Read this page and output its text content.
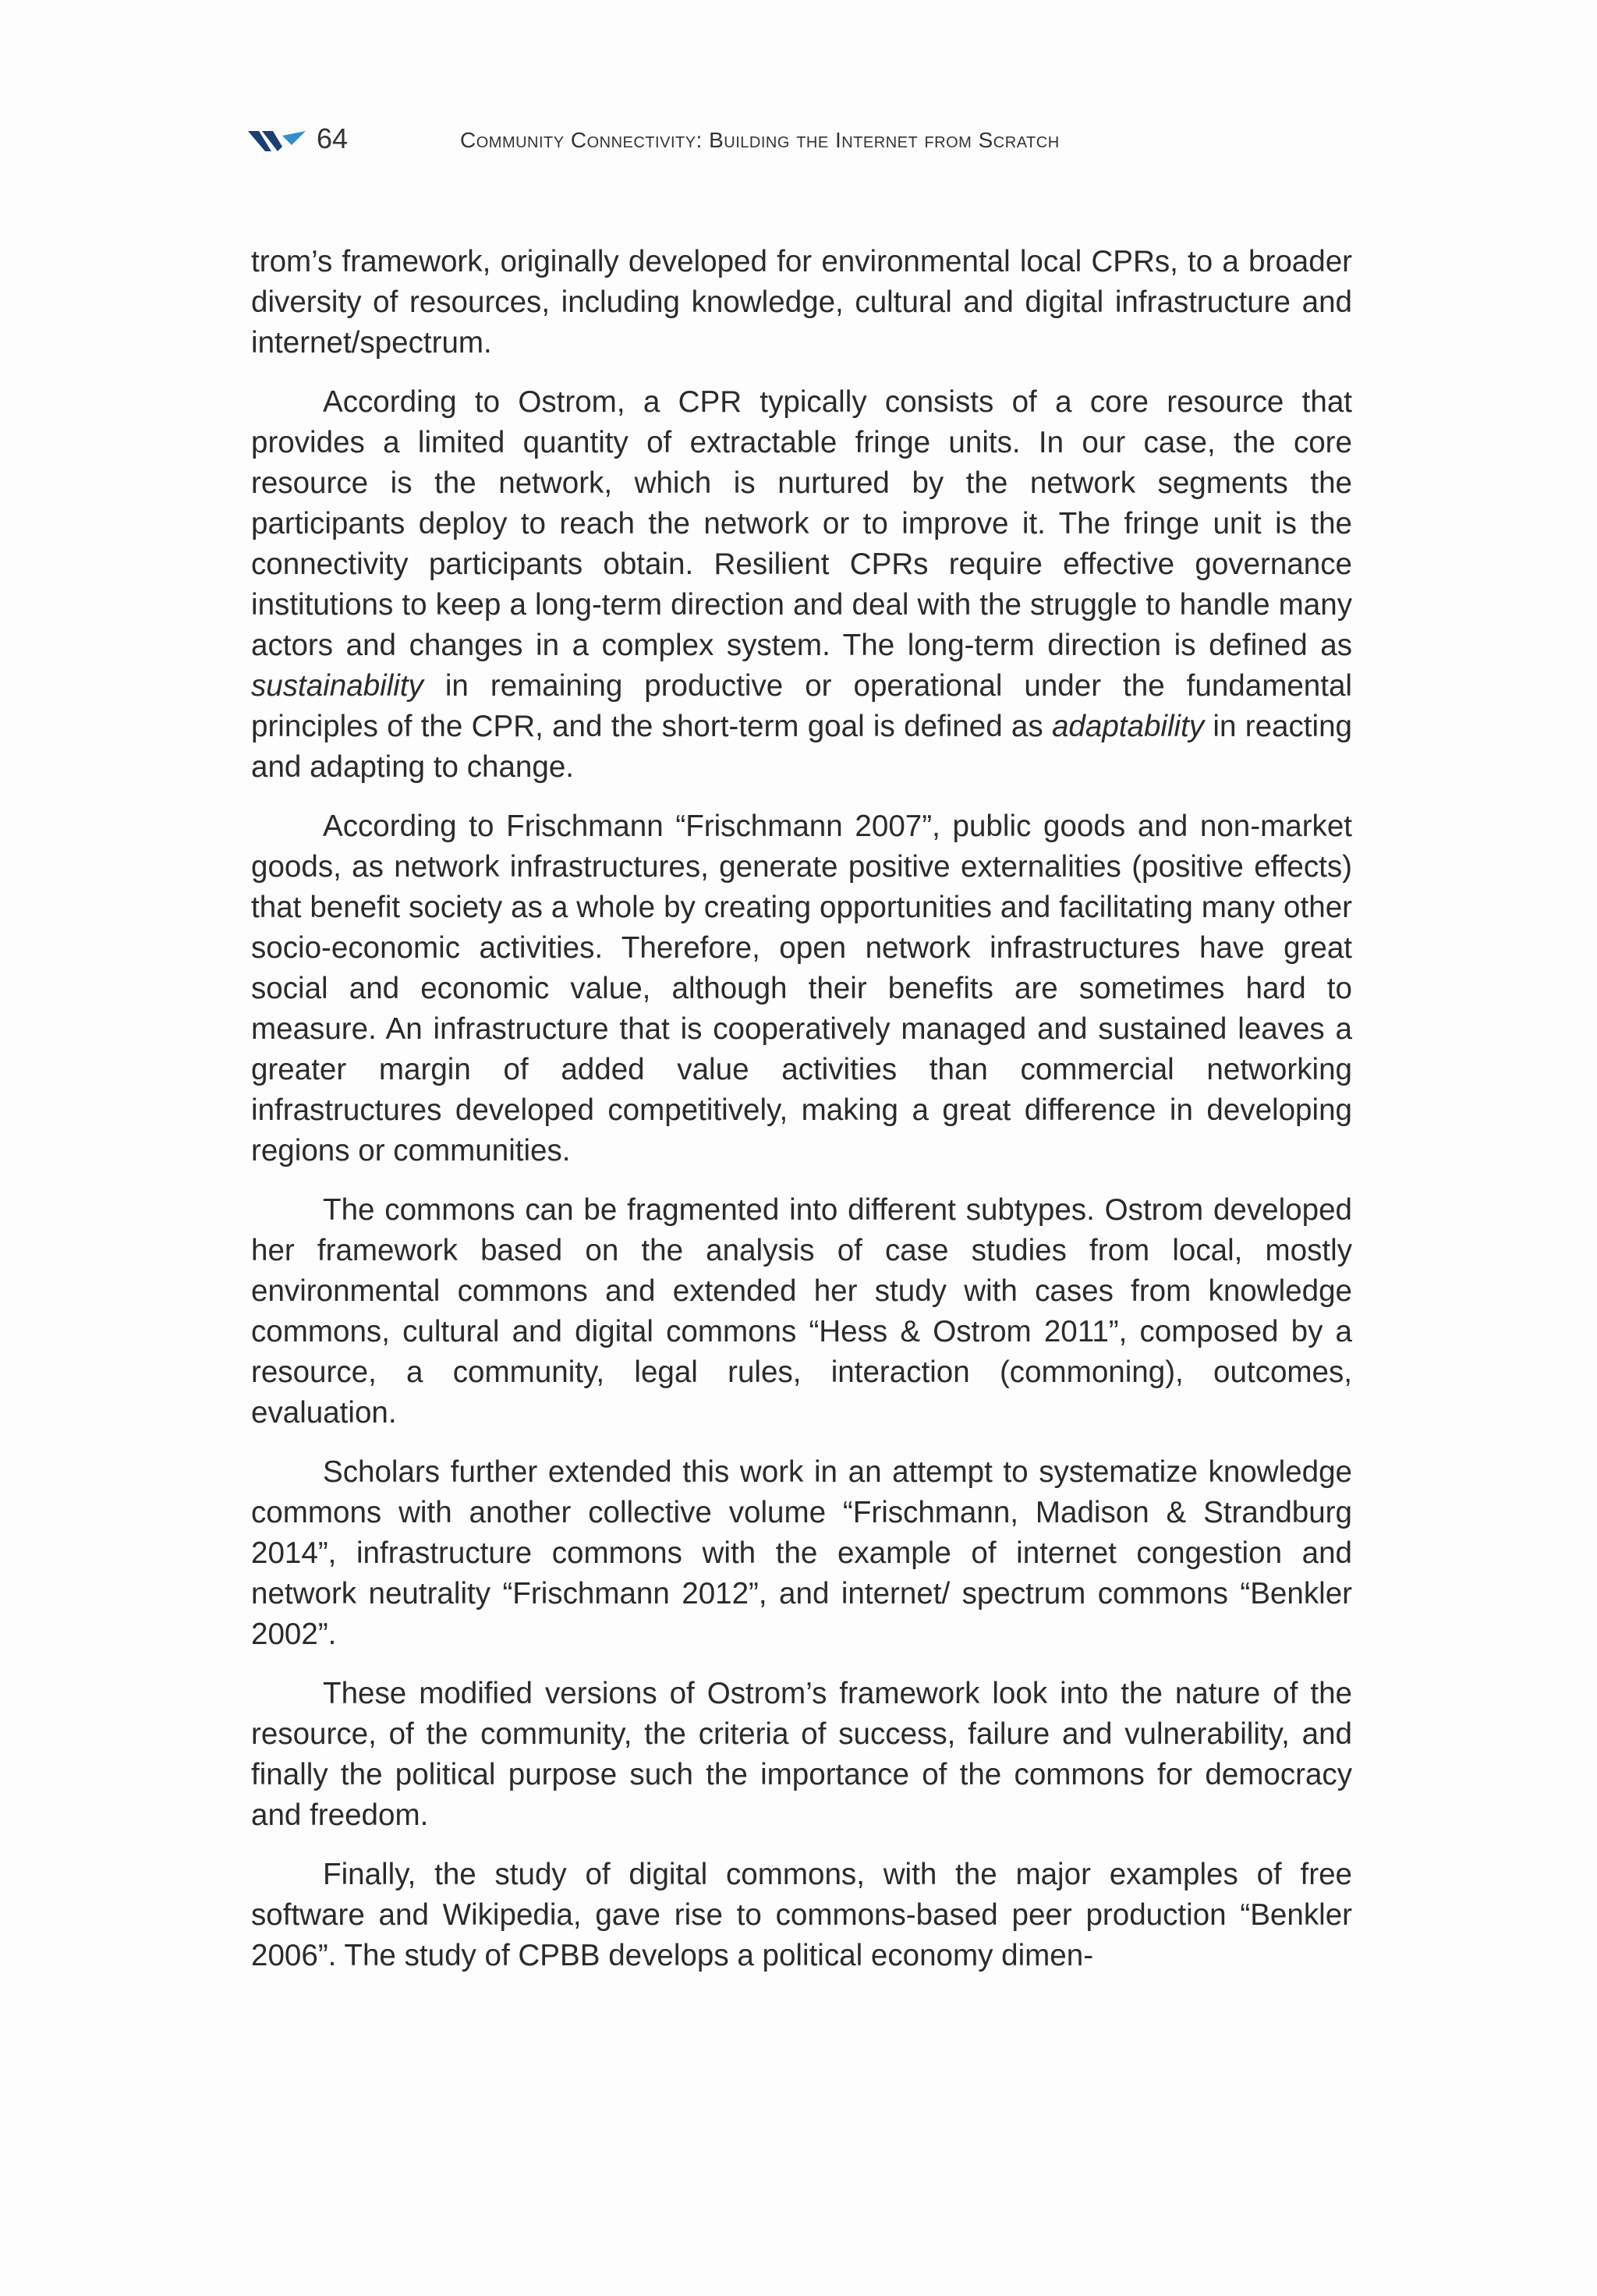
64	Community Connectivity: Building the Internet from Scratch

trom’s framework, originally developed for environmental local CPRs, to a broader diversity of resources, including knowledge, cultural and digital infrastructure and internet/spectrum.

According to Ostrom, a CPR typically consists of a core resource that provides a limited quantity of extractable fringe units. In our case, the core resource is the network, which is nurtured by the network segments the participants deploy to reach the network or to improve it. The fringe unit is the connectivity participants obtain. Resilient CPRs require effective governance institutions to keep a long-term direction and deal with the struggle to handle many actors and changes in a complex system. The long-term direction is defined as sustainability in remaining productive or operational under the fundamental principles of the CPR, and the short-term goal is defined as adaptability in reacting and adapting to change.

According to Frischmann “Frischmann 2007”, public goods and non-market goods, as network infrastructures, generate positive externalities (positive effects) that benefit society as a whole by creating opportunities and facilitating many other socio-economic activities. Therefore, open network infrastructures have great social and economic value, although their benefits are sometimes hard to measure. An infrastructure that is cooperatively managed and sustained leaves a greater margin of added value activities than commercial networking infrastructures developed competitively, making a great difference in developing regions or communities.

The commons can be fragmented into different subtypes. Ostrom developed her framework based on the analysis of case studies from local, mostly environmental commons and extended her study with cases from knowledge commons, cultural and digital commons “Hess & Ostrom 2011”, composed by a resource, a community, legal rules, interaction (commoning), outcomes, evaluation.

Scholars further extended this work in an attempt to systematize knowledge commons with another collective volume “Frischmann, Madison & Strandburg 2014”, infrastructure commons with the example of internet congestion and network neutrality “Frischmann 2012”, and internet/ spectrum commons “Benkler 2002”.

These modified versions of Ostrom’s framework look into the nature of the resource, of the community, the criteria of success, failure and vulnerability, and finally the political purpose such the importance of the commons for democracy and freedom.

Finally, the study of digital commons, with the major examples of free software and Wikipedia, gave rise to commons-based peer production “Benkler 2006”. The study of CPBB develops a political economy dimen-
